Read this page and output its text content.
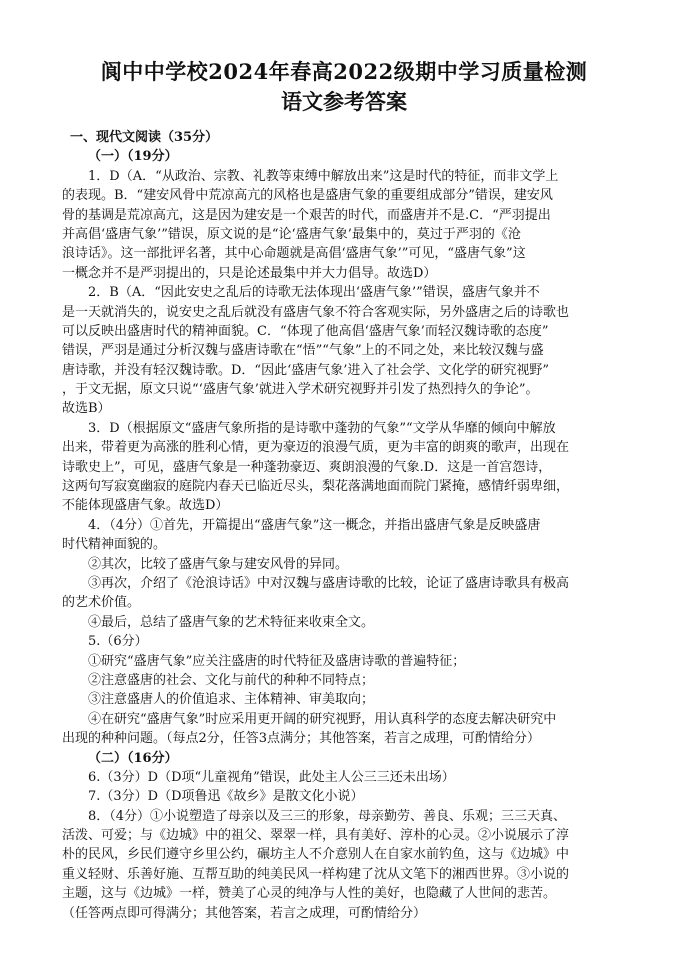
阆中中学校2024年春高2022级期中学习质量检测
语文参考答案
一、现代文阅读（35分）
（一）（19分）
1．D（A．“从政治、宗教、礼教等束缚中解放出来”这是时代的特征，而非文学上
的表现。B．“建安风骨中荒凉高亢的风格也是盛唐气象的重要组成部分”错误，建安风
骨的基调是荒凉高亢，这是因为建安是一个艰苦的时代，而盛唐并不是.C．“严羽提出
并高倡‘盛唐气象’”错误，原文说的是“论‘盛唐气象’最集中的，莫过于严羽的《沧
浪诗话》。这一部批评名著，其中心命题就是高倡‘盛唐气象’”可见，“盛唐气象”这
一概念并不是严羽提出的，只是论述最集中并大力倡导。故选D）
2．B（A．“因此安史之乱后的诗歌无法体现出‘盛唐气象’”错误，盛唐气象并不
是一天就消失的，说安史之乱后就没有盛唐气象不符合客观实际，另外盛唐之后的诗歌也
可以反映出盛唐时代的精神面貌。C．“体现了他高倡‘盛唐气象’而轻汉魏诗歌的态度”
错误，严羽是通过分析汉魏与盛唐诗歌在“悟”“气象”上的不同之处，来比较汉魏与盛
唐诗歌，并没有轻汉魏诗歌。D．“因此‘盛唐气象’进入了社会学、文化学的研究视野”
，于文无据，原文只说“‘盛唐气象’就进入学术研究视野并引发了热烈持久的争论”。
故选B）
3．D（根据原文“盛唐气象所指的是诗歌中蓬勃的气象”“文学从华靡的倾向中解放
出来，带着更为高涨的胜利心情，更为豪迈的浪漫气质，更为丰富的朗爽的歌声，出现在
诗歌史上”，可见，盛唐气象是一种蓬勃豪迈、爽朗浪漫的气象.D．这是一首宫怨诗，
这两句写寂寞幽寂的庭院内春天已临近尽头，梨花落满地面而院门紧掩，感情纤弱卑细，
不能体现盛唐气象。故选D）
4．（4分）①首先，开篇提出“盛唐气象”这一概念，并指出盛唐气象是反映盛唐
时代精神面貌的。
②其次，比较了盛唐气象与建安风骨的异同。
③再次，介绍了《沧浪诗话》中对汉魏与盛唐诗歌的比较，论证了盛唐诗歌具有极高
的艺术价值。
④最后，总结了盛唐气象的艺术特征来收束全文。
5.（6分）
①研究“盛唐气象”应关注盛唐的时代特征及盛唐诗歌的普遍特征；
②注意盛唐的社会、文化与前代的种种不同特点；
③注意盛唐人的价值追求、主体精神、审美取向；
④在研究“盛唐气象”时应采用更开阔的研究视野，用认真科学的态度去解决研究中
出现的种种问题。（每点2分，任答3点满分；其他答案，若言之成理，可酌情给分）
（二）（16分）
6.（3分）D（D项“儿童视角”错误，此处主人公三三还未出场）
7.（3分）D（D项鲁迅《故乡》是散文化小说）
8．（4分）①小说塑造了母亲以及三三的形象，母亲勤劳、善良、乐观；三三天真、
活泼、可爱；与《边城》中的祖父、翠翠一样，具有美好、淳朴的心灵。②小说展示了淳
朴的民风，乡民们遵守乡里公约，碾坊主人不介意别人在自家水前钓鱼，这与《边城》中
重义轻财、乐善好施、互帮互助的纯美民风一样构建了沈从文笔下的湘西世界。③小说的
主题，这与《边城》一样，赞美了心灵的纯净与人性的美好，也隐藏了人世间的悲苦。
（任答两点即可得满分；其他答案，若言之成理，可酌情给分）
